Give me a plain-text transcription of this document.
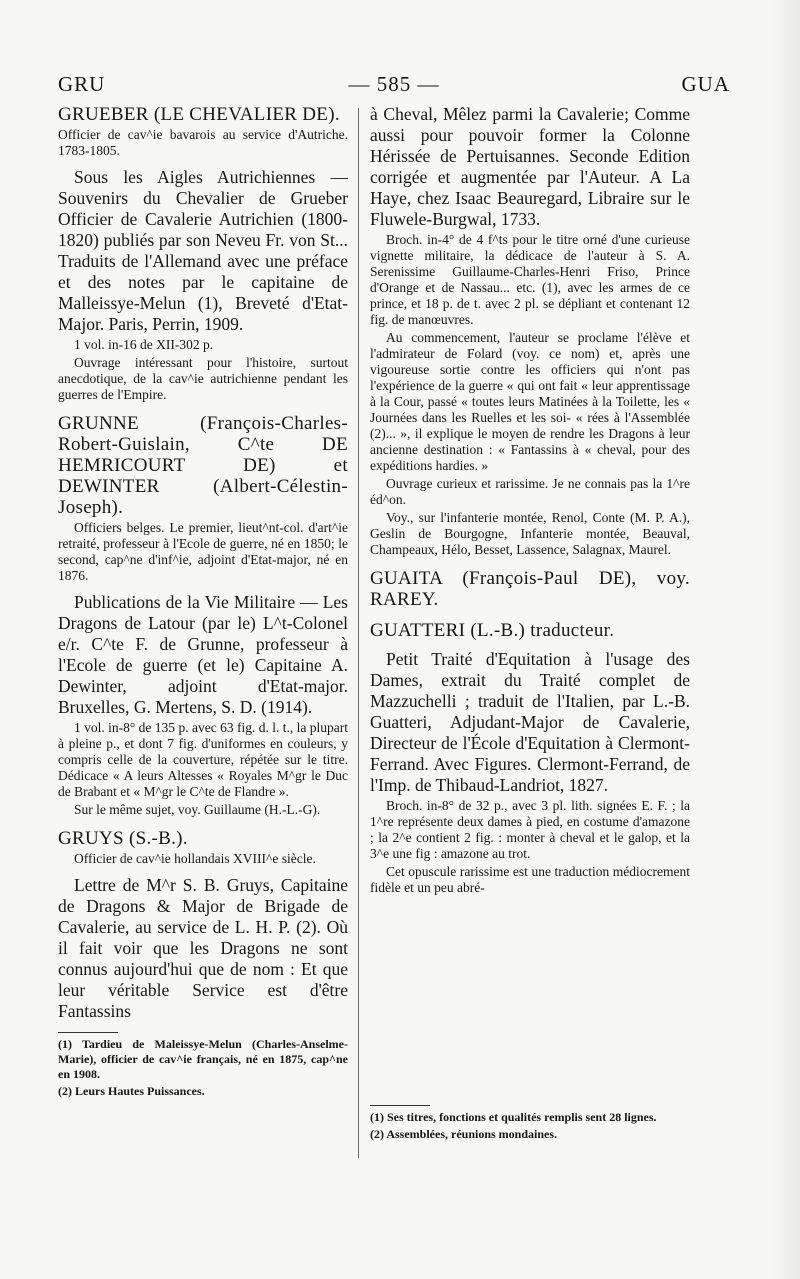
GRU	— 585 —	GUA

GRUEBER (LE CHEVALIER DE).

Officier de cav^ie bavarois au service d'Autriche. 1783-1805.

Sous les Aigles Autrichiennes — Souvenirs du Chevalier de Grueber Officier de Cavalerie Autrichien (1800-1820) publiés par son Neveu Fr. von St... Traduits de l'Allemand avec une préface et des notes par le capitaine de Malleissye-Melun (1), Breveté d'Etat-Major. Paris, Perrin, 1909.

1 vol. in-16 de XII-302 p.

Ouvrage intéressant pour l'histoire, surtout anecdotique, de la cav^ie autrichienne pendant les guerres de l'Empire.

GRUNNE (François-Charles-Robert-Guislain, C^te DE HEMRICOURT DE) et DEWINTER (Albert-Célestin-Joseph).

Officiers belges. Le premier, lieut^nt-col. d'art^ie retraité, professeur à l'Ecole de guerre, né en 1850; le second, cap^ne d'inf^ie, adjoint d'Etat-major, né en 1876.

Publications de la Vie Militaire — Les Dragons de Latour (par le) L^t-Colonel e/r. C^te F. de Grunne, professeur à l'Ecole de guerre (et le) Capitaine A. Dewinter, adjoint d'Etat-major. Bruxelles, G. Mertens, S. D. (1914).

1 vol. in-8° de 135 p. avec 63 fig. d. l. t., la plupart à pleine p., et dont 7 fig. d'uniformes en couleurs, y compris celle de la couverture, répétée sur le titre. Dédicace « A leurs Altesses « Royales M^gr le Duc de Brabant et « M^gr le C^te de Flandre ».

Sur le même sujet, voy. Guillaume (H.-L.-G).

GRUYS (S.-B.).

Officier de cav^ie hollandais XVIII^e siècle.

Lettre de M^r S. B. Gruys, Capitaine de Dragons & Major de Brigade de Cavalerie, au service de L. H. P. (2). Où il fait voir que les Dragons ne sont connus aujourd'hui que de nom : Et que leur véritable Service est d'être Fantassins

(1) Tardieu de Maleissye-Melun (Charles-Anselme-Marie), officier de cav^ie français, né en 1875, cap^ne en 1908.

(2) Leurs Hautes Puissances.

à Cheval, Mêlez parmi la Cavalerie; Comme aussi pour pouvoir former la Colonne Hérissée de Pertuisannes. Seconde Edition corrigée et augmentée par l'Auteur. A La Haye, chez Isaac Beauregard, Libraire sur le Fluwele-Burgwal, 1733.

Broch. in-4° de 4 f^ts pour le titre orné d'une curieuse vignette militaire, la dédicace de l'auteur à S. A. Serenissime Guillaume-Charles-Henri Friso, Prince d'Orange et de Nassau... etc. (1), avec les armes de ce prince, et 18 p. de t. avec 2 pl. se dépliant et contenant 12 fig. de manœuvres.

Au commencement, l'auteur se proclame l'élève et l'admirateur de Folard (voy. ce nom) et, après une vigoureuse sortie contre les officiers qui n'ont pas l'expérience de la guerre « qui ont fait « leur apprentissage à la Cour, passé « toutes leurs Matinées à la Toilette, les « Journées dans les Ruelles et les soi- « rées à l'Assemblée (2)... », il explique le moyen de rendre les Dragons à leur ancienne destination : « Fantassins à « cheval, pour des expéditions hardies. »

Ouvrage curieux et rarissime. Je ne connais pas la 1^re éd^on.

Voy., sur l'infanterie montée, Renol, Conte (M. P. A.), Geslin de Bourgogne, Infanterie montée, Beauval, Champeaux, Hélo, Besset, Lassence, Salagnax, Maurel.

GUAITA (François-Paul DE), voy. RAREY.

GUATTERI (L.-B.) traducteur.

Petit Traité d'Equitation à l'usage des Dames, extrait du Traité complet de Mazzuchelli ; traduit de l'Italien, par L.-B. Guatteri, Adjudant-Major de Cavalerie, Directeur de l'École d'Equitation à Clermont-Ferrand. Avec Figures. Clermont-Ferrand, de l'Imp. de Thibaud-Landriot, 1827.

Broch. in-8° de 32 p., avec 3 pl. lith. signées E. F. ; la 1^re représente deux dames à pied, en costume d'amazone ; la 2^e contient 2 fig. : monter à cheval et le galop, et la 3^e une fig : amazone au trot.

Cet opuscule rarissime est une traduction médiocrement fidèle et un peu abré-

(1) Ses titres, fonctions et qualités remplis sent 28 lignes.

(2) Assemblées, réunions mondaines.
